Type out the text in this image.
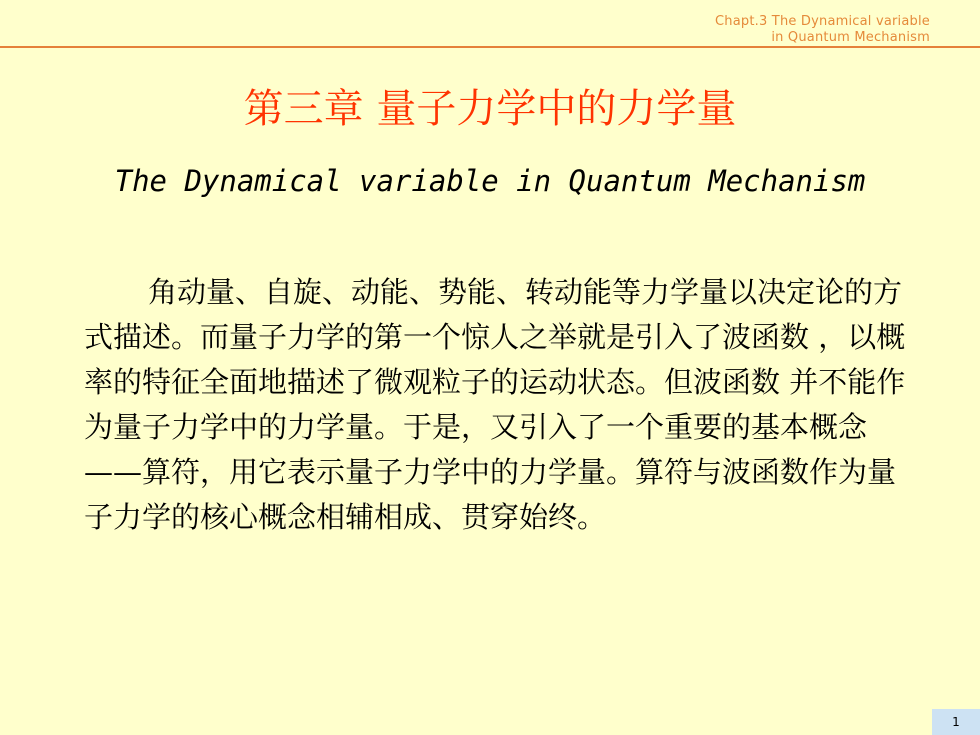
Chapt.3 The Dynamical variable
in Quantum Mechanism
第三章 量子力学中的力学量
The Dynamical variable in Quantum Mechanism
角动量、自旋、动能、势能、转动能等力学量以决定论的方式描述。而量子力学的第一个惊人之举就是引入了波函数 ，以概率的特征全面地描述了微观粒子的运动状态。但波函数 并不能作为量子力学中的力学量。于是，又引入了一个重要的基本概念——算符，用它表示量子力学中的力学量。算符与波函数作为量子力学的核心概念相辅相成、贯穿始终。
1
